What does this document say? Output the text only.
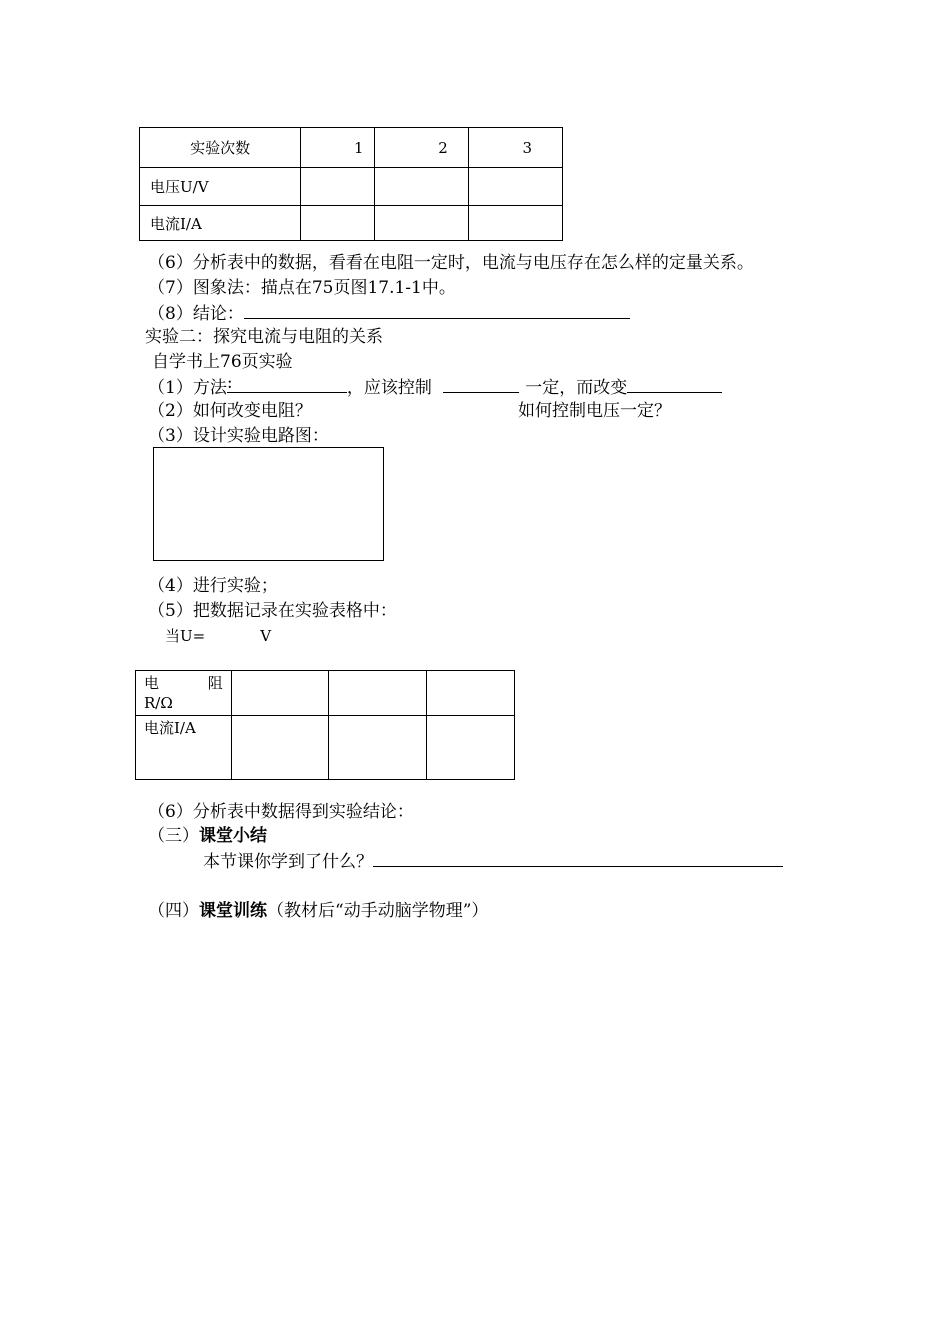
实验次数	1	2	3
电压U/V			
电流I/A			
（6）分析表中的数据，看看在电阻一定时，电流与电压存在怎么样的定量关系。
（7）图象法：描点在75页图17.1-1中。
（8）结论：
实验二：探究电流与电阻的关系
自学书上76页实验
（1）方法 :	，应该控制	一定，而改变
（2）如何改变电阻？	如何控制电压一定？
（3）设计实验电路图：
（4）进行实验；
（5）把数据记录在实验表格中：
当U=	V
电 阻
R/Ω			

电流I/A			
（6）分析表中数据得到实验结论：
（三）课堂小结
本节课你学到了什么？
（四）课堂训练（教材后“动手动脑学物理”）
